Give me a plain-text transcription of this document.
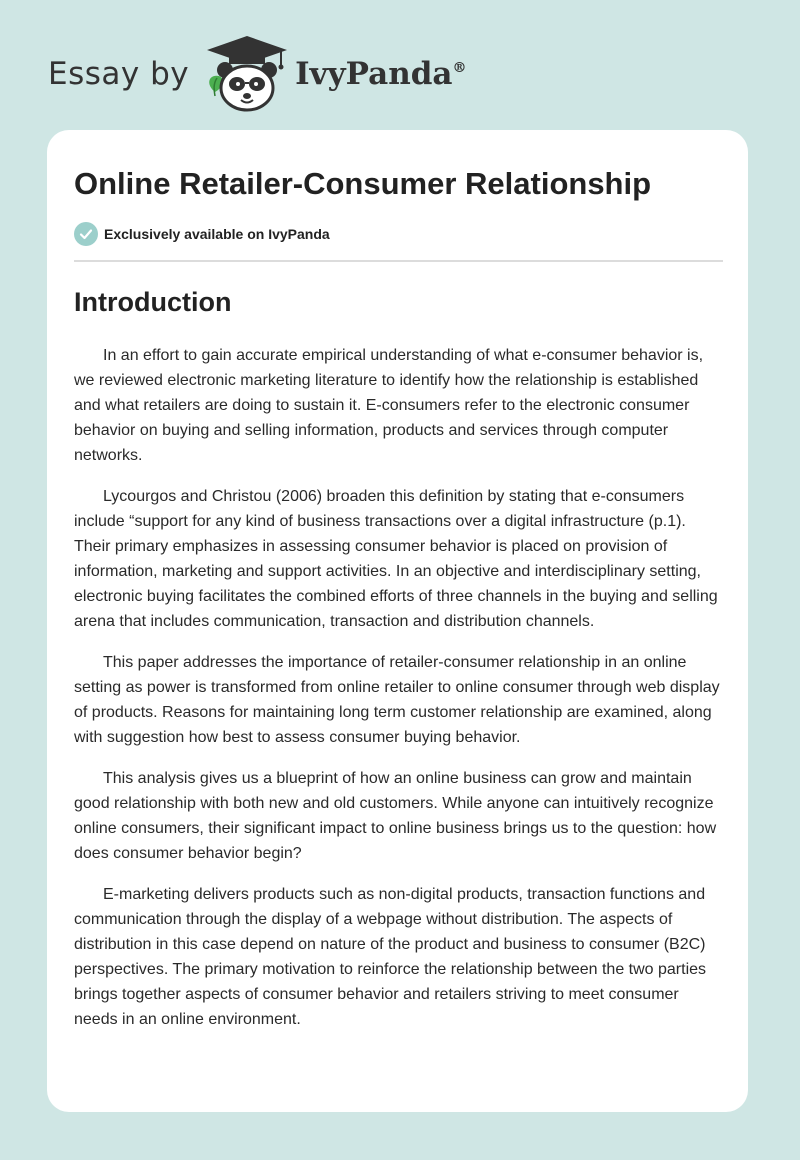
Essay by	IvyPanda®
Online Retailer-Consumer Relationship
Exclusively available on IvyPanda
Introduction

In an effort to gain accurate empirical understanding of what e-consumer behavior is, we reviewed electronic marketing literature to identify how the relationship is established and what retailers are doing to sustain it. E-consumers refer to the electronic consumer behavior on buying and selling information, products and services through computer networks.

Lycourgos and Christou (2006) broaden this definition by stating that e-consumers include “support for any kind of business transactions over a digital infrastructure (p.1). Their primary emphasizes in assessing consumer behavior is placed on provision of information, marketing and support activities. In an objective and interdisciplinary setting, electronic buying facilitates the combined efforts of three channels in the buying and selling arena that includes communication, transaction and distribution channels.

This paper addresses the importance of retailer-consumer relationship in an online setting as power is transformed from online retailer to online consumer through web display of products. Reasons for maintaining long term customer relationship are examined, along with suggestion how best to assess consumer buying behavior.

This analysis gives us a blueprint of how an online business can grow and maintain good relationship with both new and old customers. While anyone can intuitively recognize online consumers, their significant impact to online business brings us to the question: how does consumer behavior begin?

E-marketing delivers products such as non-digital products, transaction functions and communication through the display of a webpage without distribution. The aspects of distribution in this case depend on nature of the product and business to consumer (B2C) perspectives. The primary motivation to reinforce the relationship between the two parties brings together aspects of consumer behavior and retailers striving to meet consumer needs in an online environment.
